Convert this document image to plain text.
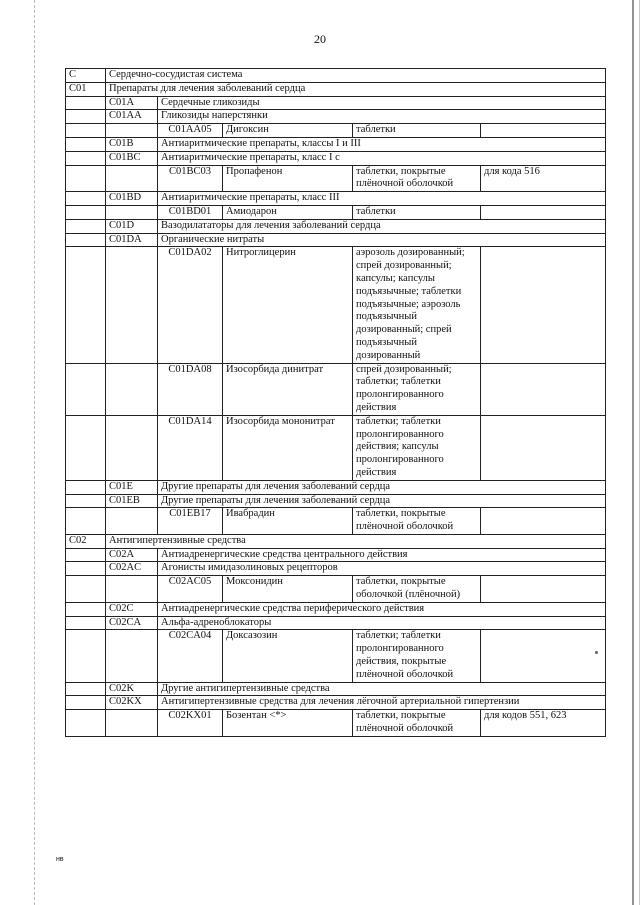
20
C	Сердечно-сосудистая система				
C01	Препараты для лечения заболеваний сердца				
	C01A	Сердечные гликозиды			
	C01AA	Гликозиды наперстянки			
		C01AA05	Дигоксин	таблетки	
	C01B	Антиаритмические препараты, классы I и III			
	C01BC	Антиаритмические препараты, класс I с			
		C01BC03	Пропафенон	таблетки, покрытые плёночной оболочкой	для кода 516
	C01BD	Антиаритмические препараты, класс III			
		C01BD01	Амиодарон	таблетки	
	C01D	Вазодилататоры для лечения заболеваний сердца			
	C01DA	Органические нитраты			
		C01DA02	Нитроглицерин	аэрозоль дозированный; спрей дозированный; капсулы; капсулы подъязычные; таблетки подъязычные; аэрозоль подъязычный дозированный; спрей подъязычный дозированный	
		C01DA08	Изосорбида динитрат	спрей дозированный; таблетки; таблетки пролонгированного действия	
		C01DA14	Изосорбида мононитрат	таблетки; таблетки пролонгированного действия; капсулы пролонгированного действия	
	C01E	Другие препараты для лечения заболеваний сердца			
	C01EB	Другие препараты для лечения заболеваний сердца			
		C01EB17	Ивабрадин	таблетки, покрытые плёночной оболочкой	
C02	Антигипертензивные средства				
	C02A	Антиадренергические средства центрального действия			
	C02AC	Агонисты имидазолиновых рецепторов			
		C02AC05	Моксонидин	таблетки, покрытые оболочкой (плёночной)	
	C02C	Антиадренергические средства периферического действия			
	C02CA	Альфа-адреноблокаторы			
		C02CA04	Доксазозин	таблетки; таблетки пролонгированного действия, покрытые плёночной оболочкой	
	C02K	Другие антигипертензивные средства			
	C02KX	Антигипертензивные средства для лечения лёгочной артериальной гипертензии			
		C02KX01	Бозентан <*>	таблетки, покрытые плёночной оболочкой	для кодов 551, 623
нв
